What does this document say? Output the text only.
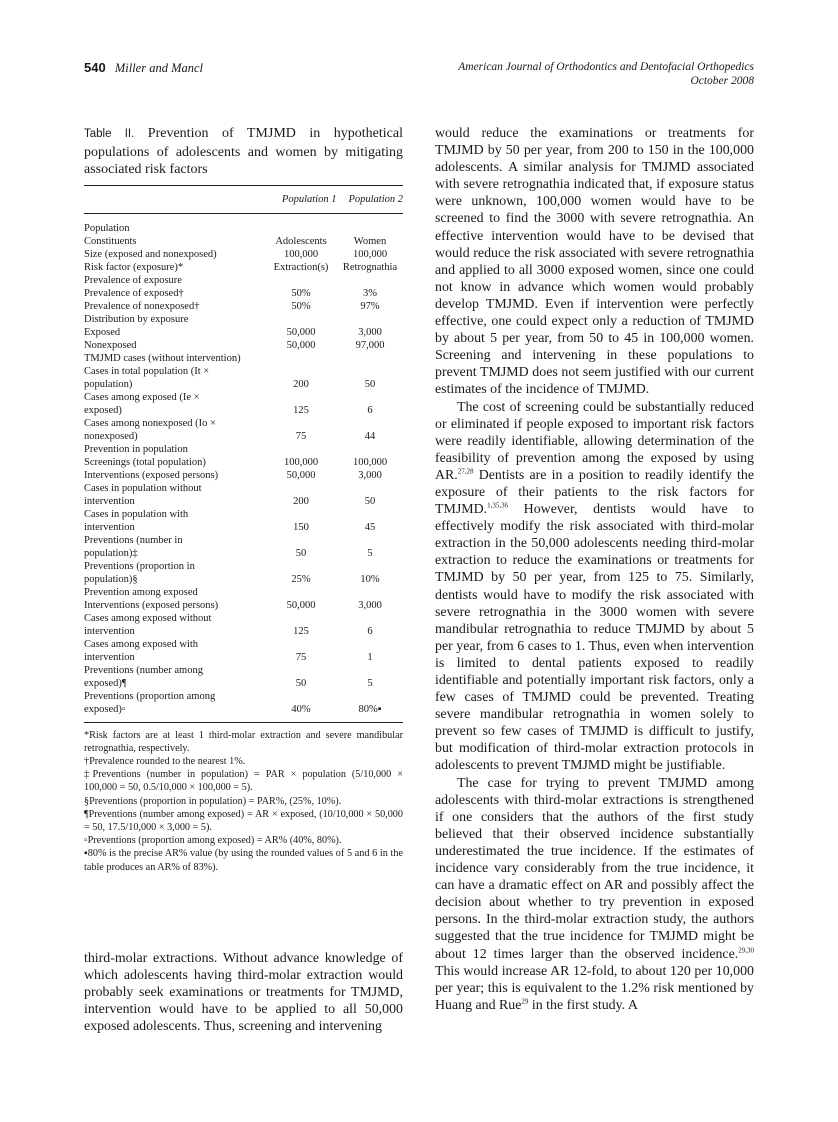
540 Miller and Mancl	American Journal of Orthodontics and Dentofacial Orthopedics
October 2008

Table II. Prevention of TMJMD in hypothetical populations of adolescents and women by mitigating associated risk factors

Population 1 Population 2
Population		
Constituents	Adolescents	Women
Size (exposed and nonexposed)	100,000	100,000
Risk factor (exposure)*	Extraction(s)	Retrognathia
Prevalence of exposure		
Prevalence of exposed†	50%	3%
Prevalence of nonexposed†	50%	97%
Distribution by exposure		
Exposed	50,000	3,000
Nonexposed	50,000	97,000
TMJMD cases (without intervention)		
Cases in total population (It ×		
population)	200	50
Cases among exposed (Ie ×		
exposed)	125	6
Cases among nonexposed (Io ×		
nonexposed)	75	44
Prevention in population		
Screenings (total population)	100,000	100,000
Interventions (exposed persons)	50,000	3,000
Cases in population without		
intervention	200	50
Cases in population with		
intervention	150	45
Preventions (number in		
population)‡	50	5
Preventions (proportion in		
population)§	25%	10%
Prevention among exposed		
Interventions (exposed persons)	50,000	3,000
Cases among exposed without		
intervention	125	6
Cases among exposed with		
intervention	75	1
Preventions (number among		
exposed)¶	50	5
Preventions (proportion among		
exposed)▫	40%	80%▪

*Risk factors are at least 1 third-molar extraction and severe mandibular retrognathia, respectively.

†Prevalence rounded to the nearest 1%.

‡Preventions (number in population) = PAR × population (5/10,000 × 100,000 = 50, 0.5/10,000 × 100,000 = 5).

§Preventions (proportion in population) = PAR%, (25%, 10%).

¶Preventions (number among exposed) = AR × exposed, (10/10,000 × 50,000 = 50, 17.5/10,000 × 3,000 = 5).

▫Preventions (proportion among exposed) = AR% (40%, 80%).

▪80% is the precise AR% value (by using the rounded values of 5 and 6 in the table produces an AR% of 83%).

third-molar extractions. Without advance knowledge of which adolescents having third-molar extraction would probably seek examinations or treatments for TMJMD, intervention would have to be applied to all 50,000 exposed adolescents. Thus, screening and intervening

would reduce the examinations or treatments for TMJMD by 50 per year, from 200 to 150 in the 100,000 adolescents. A similar analysis for TMJMD associated with severe retrognathia indicated that, if exposure status were unknown, 100,000 women would have to be screened to find the 3000 with severe retrognathia. An effective intervention would have to be devised that would reduce the risk associated with severe retrognathia and applied to all 3000 exposed women, since one could not know in advance which women would probably develop TMJMD. Even if intervention were perfectly effective, one could expect only a reduction of TMJMD by about 5 per year, from 50 to 45 in 100,000 women. Screening and intervening in these populations to prevent TMJMD does not seem justified with our current estimates of the incidence of TMJMD.

The cost of screening could be substantially reduced or eliminated if people exposed to important risk factors were readily identifiable, allowing determination of the feasibility of prevention among the exposed by using AR.$^{27,28}$ Dentists are in a position to readily identify the exposure of their patients to the risk factors for TMJMD.$^{1,35,36}$ However, dentists would have to effectively modify the risk associated with third-molar extraction in the 50,000 adolescents needing third-molar extraction to reduce the examinations or treatments for TMJMD by 50 per year, from 125 to 75. Similarly, dentists would have to modify the risk associated with severe retrognathia in the 3000 women with severe mandibular retrognathia to reduce TMJMD by about 5 per year, from 6 cases to 1. Thus, even when intervention is limited to dental patients exposed to readily identifiable and potentially important risk factors, only a few cases of TMJMD could be prevented. Treating severe mandibular retrognathia in women solely to prevent so few cases of TMJMD is difficult to justify, but modification of third-molar extraction protocols in adolescents to prevent TMJMD might be justifiable.

The case for trying to prevent TMJMD among adolescents with third-molar extractions is strengthened if one considers that the authors of the first study believed that their observed incidence substantially underestimated the true incidence. If the estimates of incidence vary considerably from the true incidence, it can have a dramatic effect on AR and possibly affect the decision about whether to try prevention in exposed persons. In the third-molar extraction study, the authors suggested that the true incidence for TMJMD might be about 12 times larger than the observed incidence.$^{29,30}$ This would increase AR 12-fold, to about 120 per 10,000 per year; this is equivalent to the 1.2% risk mentioned by Huang and Rue$^{29}$ in the first study. A
